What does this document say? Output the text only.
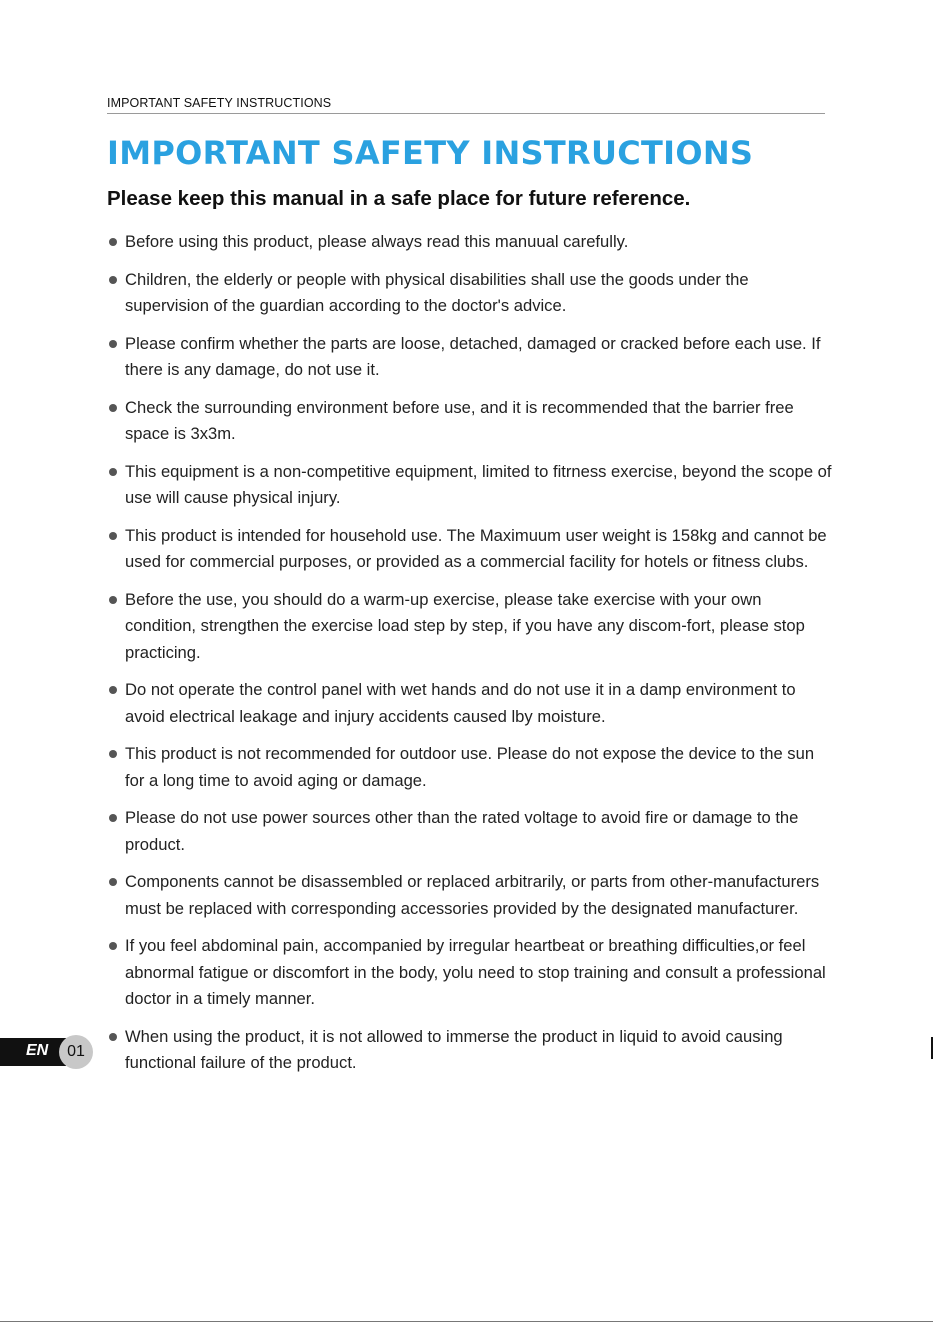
IMPORTANT SAFETY INSTRUCTIONS
IMPORTANT SAFETY INSTRUCTIONS
Please keep this manual in a safe place for future reference.
Before using this product, please always read this manuual carefully.
Children, the elderly or people with physical disabilities shall use the goods under the supervision of the guardian according to the doctor's advice.
Please confirm whether the parts are loose, detached, damaged or cracked before each use. If there is any damage, do not use it.
Check the surrounding environment before use, and it is recommended that the barrier free space is 3x3m.
This equipment is a non-competitive equipment, limited to fitrness exercise, beyond the scope of use will cause physical injury.
This product is intended for household use. The Maximuum user weight is 158kg and cannot be used for commercial purposes, or provided as a commercial facility for hotels or fitness clubs.
Before the use, you should do a warm-up exercise, please take exercise with your own condition, strengthen the exercise load step by step, if you have any discom-fort, please stop practicing.
Do not operate the control panel with wet hands and do not use it in a damp environment to avoid electrical leakage and injury accidents caused lby moisture.
This product is not recommended for outdoor use. Please do not expose the device to the sun for a long time to avoid aging or damage.
Please do not use power sources other than the rated voltage to avoid fire or damage to the product.
Components cannot be disassembled or replaced arbitrarily, or parts from other-manufacturers must be replaced with corresponding accessories provided by the designated manufacturer.
If you feel abdominal pain, accompanied by irregular heartbeat or breathing difficulties,or feel abnormal fatigue or discomfort in the body, yolu need to stop training and consult a professional doctor in a timely manner.
When using the product, it is not allowed to immerse the product in liquid to avoid causing functional failure of the product.
EN	01
